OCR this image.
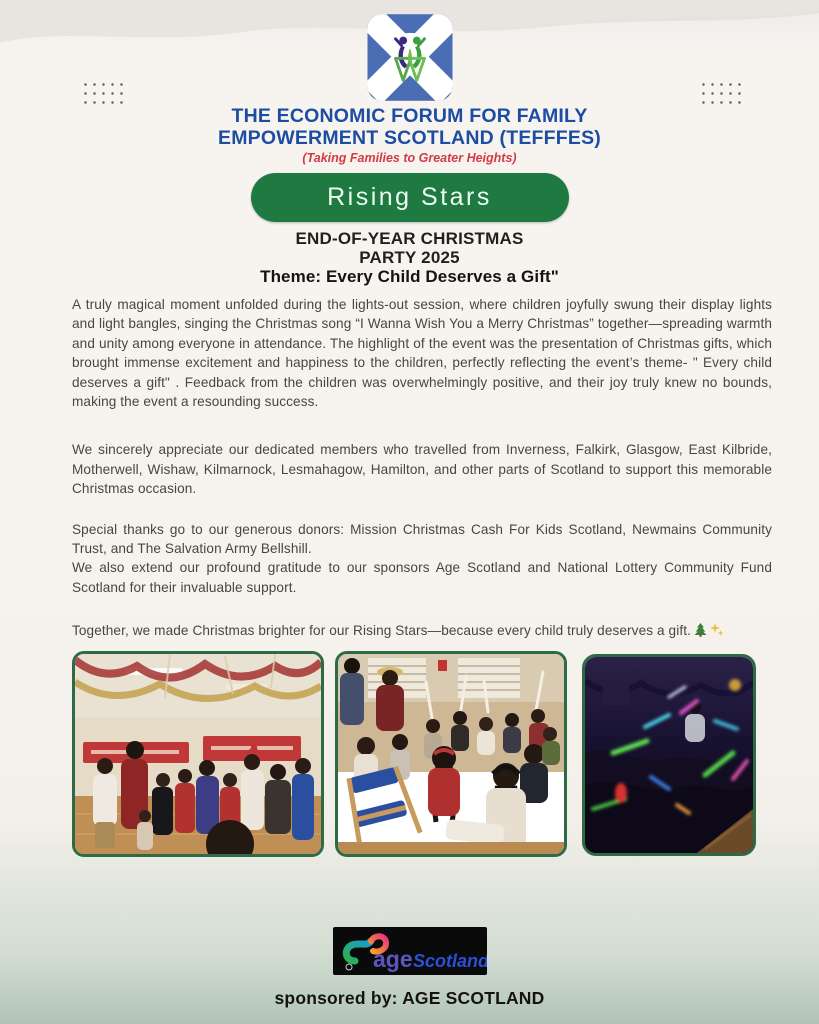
THE ECONOMIC FORUM FOR FAMILY
EMPOWERMENT SCOTLAND (TEFFFES)
(Taking Families to Greater Heights)
Rising Stars
END-OF-YEAR CHRISTMAS
PARTY 2025
Theme: Every Child Deserves a Gift"

A truly magical moment unfolded during the lights-out session, where children joyfully swung their display lights and light bangles, singing the Christmas song “I Wanna Wish You a Merry Christmas” together—spreading warmth and unity among everyone in attendance. The highlight of the event was the presentation of Christmas gifts, which brought immense excitement and happiness to the children, perfectly reflecting the event’s theme- " Every child deserves a gift" . Feedback from the children was overwhelmingly positive, and their joy truly knew no bounds, making the event a resounding success.

We sincerely appreciate our dedicated members who travelled from Inverness, Falkirk, Glasgow, East Kilbride, Motherwell, Wishaw, Kilmarnock, Lesmahagow, Hamilton, and other parts of Scotland to support this memorable Christmas occasion.

Special thanks go to our generous donors: Mission Christmas Cash For Kids Scotland, Newmains Community Trust, and The Salvation Army Bellshill.

We also extend our profound gratitude to our sponsors Age Scotland and National Lottery Community Fund Scotland for their invaluable support.

Together, we made Christmas brighter for our Rising Stars—because every child truly deserves a gift.

age Scotland
sponsored by: AGE SCOTLAND
